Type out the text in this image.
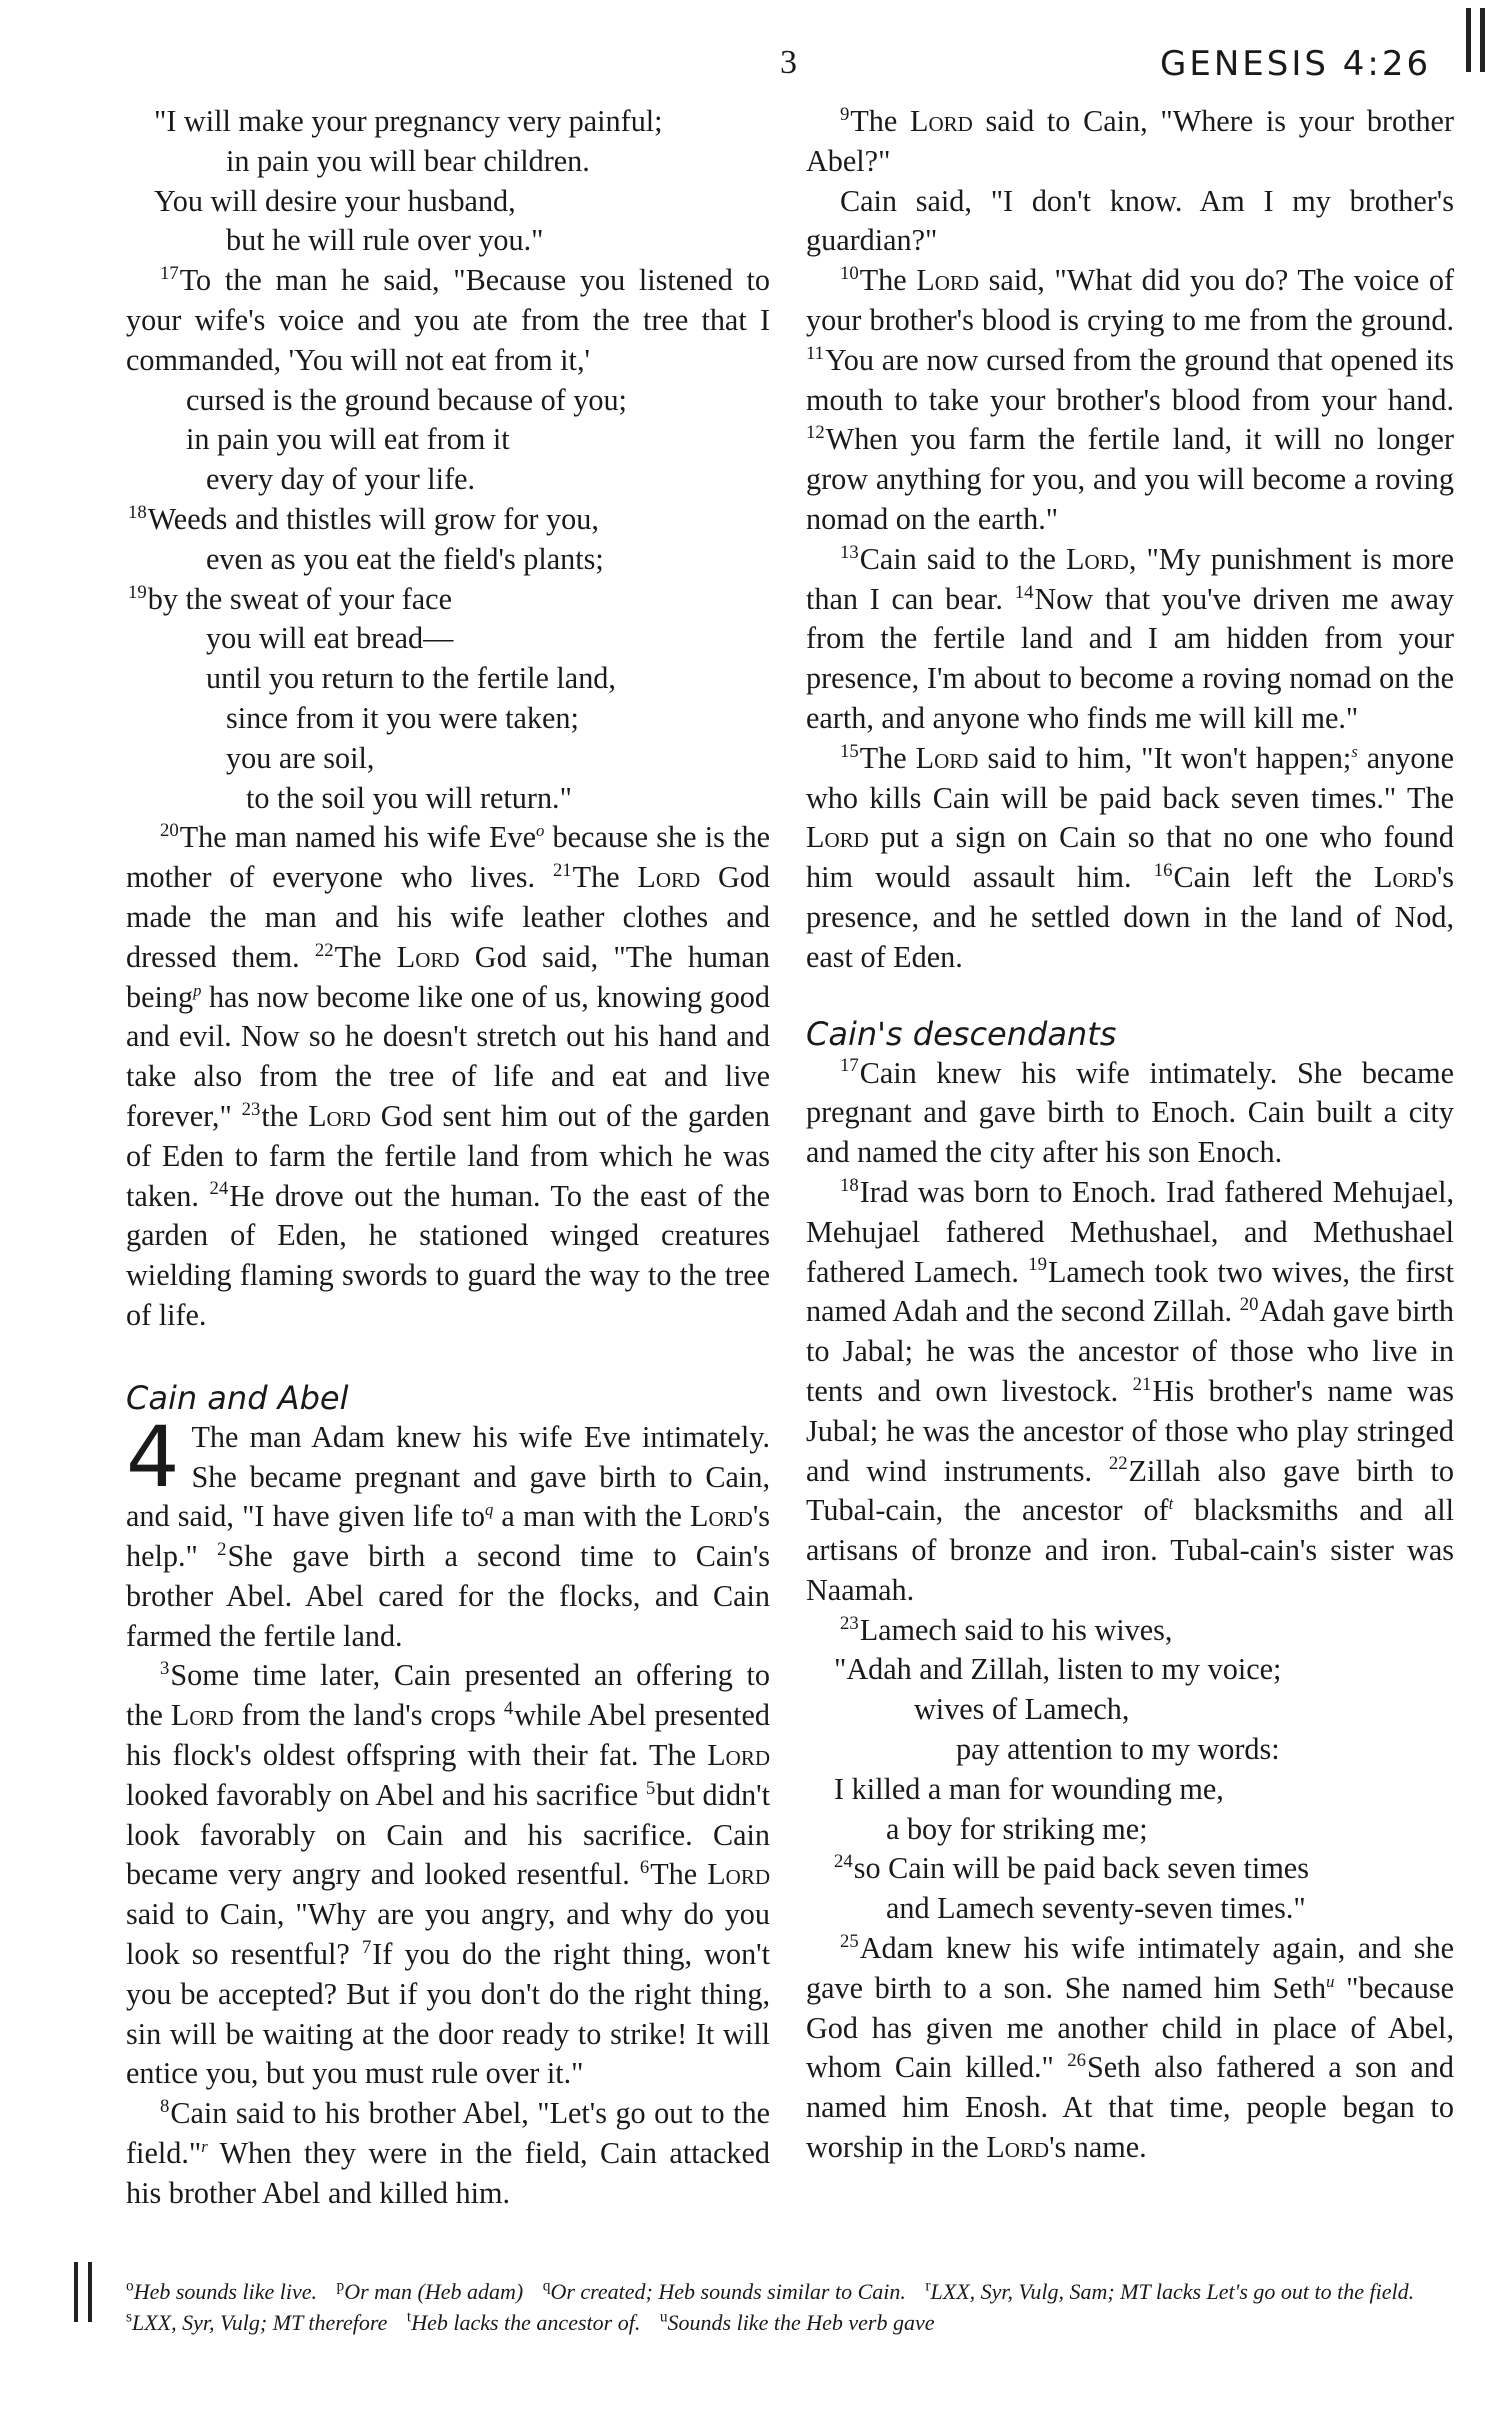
3	GENESIS 4:26
"I will make your pregnancy very painful;
in pain you will bear children.
You will desire your husband,
but he will rule over you."

$^{17}$To the man he said, "Because you listened to your wife's voice and you ate from the tree that I commanded, 'You will not eat from it,'

cursed is the ground because of you;
in pain you will eat from it
every day of your life.
$^{18}$Weeds and thistles will grow for you,
even as you eat the field's plants;
$^{19}$by the sweat of your face
you will eat bread—
until you return to the fertile land,
since from it you were taken;
you are soil,
to the soil you will return."

$^{20}$The man named his wife Eve$^o$ because she is the mother of everyone who lives. $^{21}$The Lord God made the man and his wife leather clothes and dressed them. $^{22}$The Lord God said, "The human being$^p$ has now become like one of us, knowing good and evil. Now so he doesn't stretch out his hand and take also from the tree of life and eat and live forever," $^{23}$the Lord God sent him out of the garden of Eden to farm the fertile land from which he was taken. $^{24}$He drove out the human. To the east of the garden of Eden, he stationed winged creatures wielding flaming swords to guard the way to the tree of life.

Cain and Abel

4 The man Adam knew his wife Eve intimately. She became pregnant and gave birth to Cain, and said, "I have given life to$^q$ a man with the Lord's help." $^2$She gave birth a second time to Cain's brother Abel. Abel cared for the flocks, and Cain farmed the fertile land.

$^3$Some time later, Cain presented an offering to the Lord from the land's crops $^4$while Abel presented his flock's oldest offspring with their fat. The Lord looked favorably on Abel and his sacrifice $^5$but didn't look favorably on Cain and his sacrifice. Cain became very angry and looked resentful. $^6$The Lord said to Cain, "Why are you angry, and why do you look so resentful? $^7$If you do the right thing, won't you be accepted? But if you don't do the right thing, sin will be waiting at the door ready to strike! It will entice you, but you must rule over it."

$^8$Cain said to his brother Abel, "Let's go out to the field."$^r$ When they were in the field, Cain attacked his brother Abel and killed him.

$^9$The Lord said to Cain, "Where is your brother Abel?"

Cain said, "I don't know. Am I my brother's guardian?"

$^{10}$The Lord said, "What did you do? The voice of your brother's blood is crying to me from the ground. $^{11}$You are now cursed from the ground that opened its mouth to take your brother's blood from your hand. $^{12}$When you farm the fertile land, it will no longer grow anything for you, and you will become a roving nomad on the earth."

$^{13}$Cain said to the Lord, "My punishment is more than I can bear. $^{14}$Now that you've driven me away from the fertile land and I am hidden from your presence, I'm about to become a roving nomad on the earth, and anyone who finds me will kill me."

$^{15}$The Lord said to him, "It won't happen;$^s$ anyone who kills Cain will be paid back seven times." The Lord put a sign on Cain so that no one who found him would assault him. $^{16}$Cain left the Lord's presence, and he settled down in the land of Nod, east of Eden.

Cain's descendants

$^{17}$Cain knew his wife intimately. She became pregnant and gave birth to Enoch. Cain built a city and named the city after his son Enoch.

$^{18}$Irad was born to Enoch. Irad fathered Mehujael, Mehujael fathered Methushael, and Methushael fathered Lamech. $^{19}$Lamech took two wives, the first named Adah and the second Zillah. $^{20}$Adah gave birth to Jabal; he was the ancestor of those who live in tents and own livestock. $^{21}$His brother's name was Jubal; he was the ancestor of those who play stringed and wind instruments. $^{22}$Zillah also gave birth to Tubal-cain, the ancestor of$^t$ blacksmiths and all artisans of bronze and iron. Tubal-cain's sister was Naamah.

$^{23}$Lamech said to his wives,

"Adah and Zillah, listen to my voice;
wives of Lamech,
pay attention to my words:
I killed a man for wounding me,
a boy for striking me;
$^{24}$so Cain will be paid back seven times
and Lamech seventy-seven times."

$^{25}$Adam knew his wife intimately again, and she gave birth to a son. She named him Seth$^u$ "because God has given me another child in place of Abel, whom Cain killed." $^{26}$Seth also fathered a son and named him Enosh. At that time, people began to worship in the Lord's name.

$^o$Heb sounds like live. $^p$Or man (Heb adam) $^q$Or created; Heb sounds similar to Cain. $^r$LXX, Syr, Vulg, Sam; MT lacks Let's go out to the field. $^s$LXX, Syr, Vulg; MT therefore $^t$Heb lacks the ancestor of. $^u$Sounds like the Heb verb gave
